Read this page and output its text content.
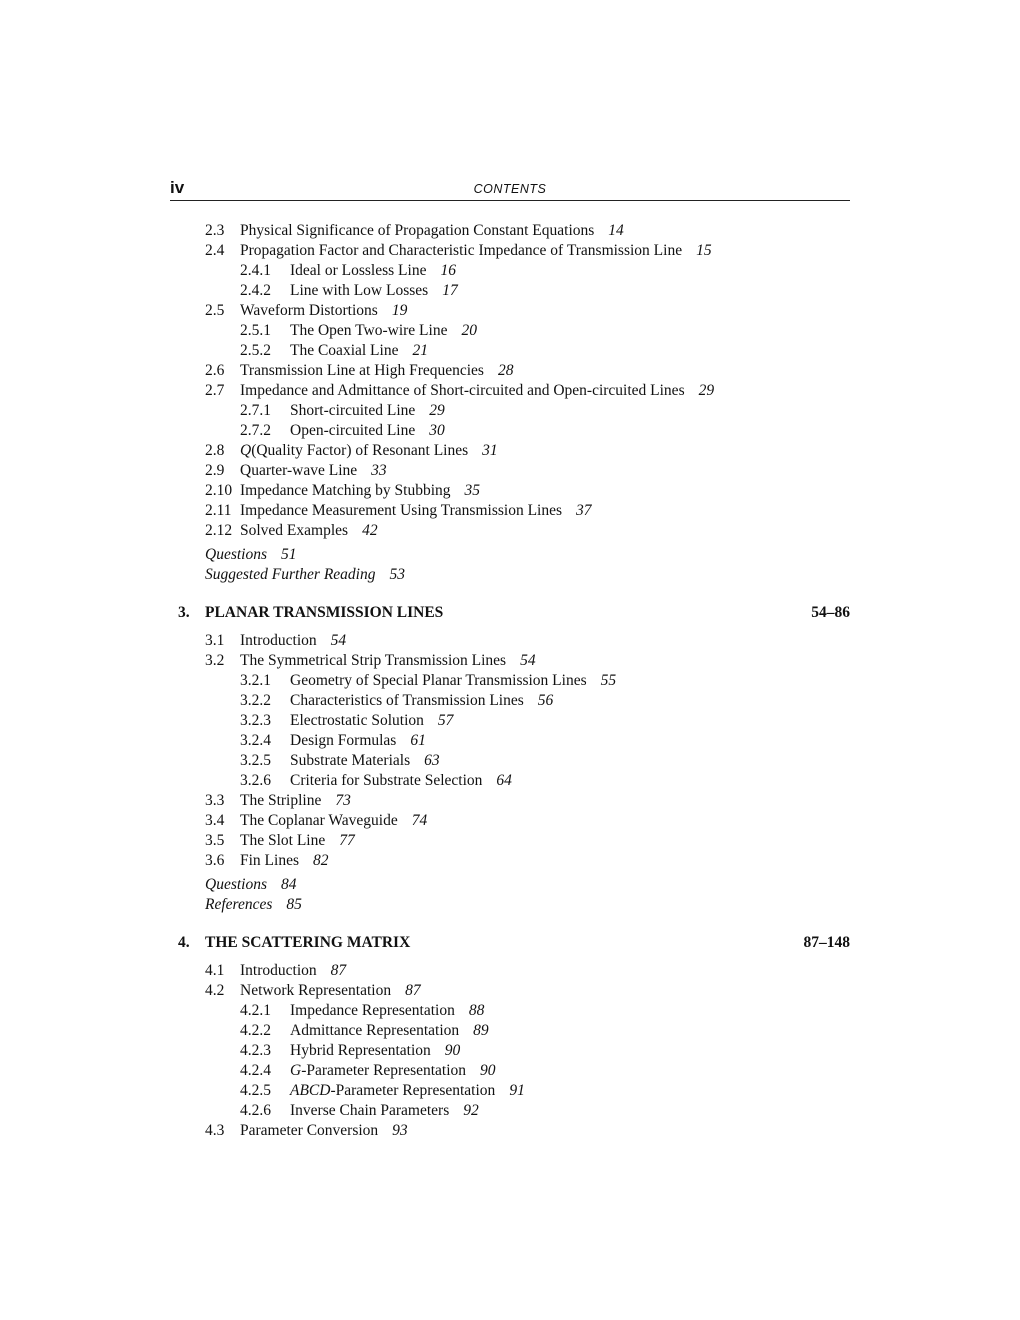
iv	CONTENTS
2.3 Physical Significance of Propagation Constant Equations 14
2.4 Propagation Factor and Characteristic Impedance of Transmission Line 15
2.4.1 Ideal or Lossless Line 16
2.4.2 Line with Low Losses 17
2.5 Waveform Distortions 19
2.5.1 The Open Two-wire Line 20
2.5.2 The Coaxial Line 21
2.6 Transmission Line at High Frequencies 28
2.7 Impedance and Admittance of Short-circuited and Open-circuited Lines 29
2.7.1 Short-circuited Line 29
2.7.2 Open-circuited Line 30
2.8 Q(Quality Factor) of Resonant Lines 31
2.9 Quarter-wave Line 33
2.10 Impedance Matching by Stubbing 35
2.11 Impedance Measurement Using Transmission Lines 37
2.12 Solved Examples 42
Questions 51
Suggested Further Reading 53
3. PLANAR TRANSMISSION LINES	54–86
3.1 Introduction 54
3.2 The Symmetrical Strip Transmission Lines 54
3.2.1 Geometry of Special Planar Transmission Lines 55
3.2.2 Characteristics of Transmission Lines 56
3.2.3 Electrostatic Solution 57
3.2.4 Design Formulas 61
3.2.5 Substrate Materials 63
3.2.6 Criteria for Substrate Selection 64
3.3 The Stripline 73
3.4 The Coplanar Waveguide 74
3.5 The Slot Line 77
3.6 Fin Lines 82
Questions 84
References 85
4. THE SCATTERING MATRIX	87–148
4.1 Introduction 87
4.2 Network Representation 87
4.2.1 Impedance Representation 88
4.2.2 Admittance Representation 89
4.2.3 Hybrid Representation 90
4.2.4 G-Parameter Representation 90
4.2.5 ABCD-Parameter Representation 91
4.2.6 Inverse Chain Parameters 92
4.3 Parameter Conversion 93
